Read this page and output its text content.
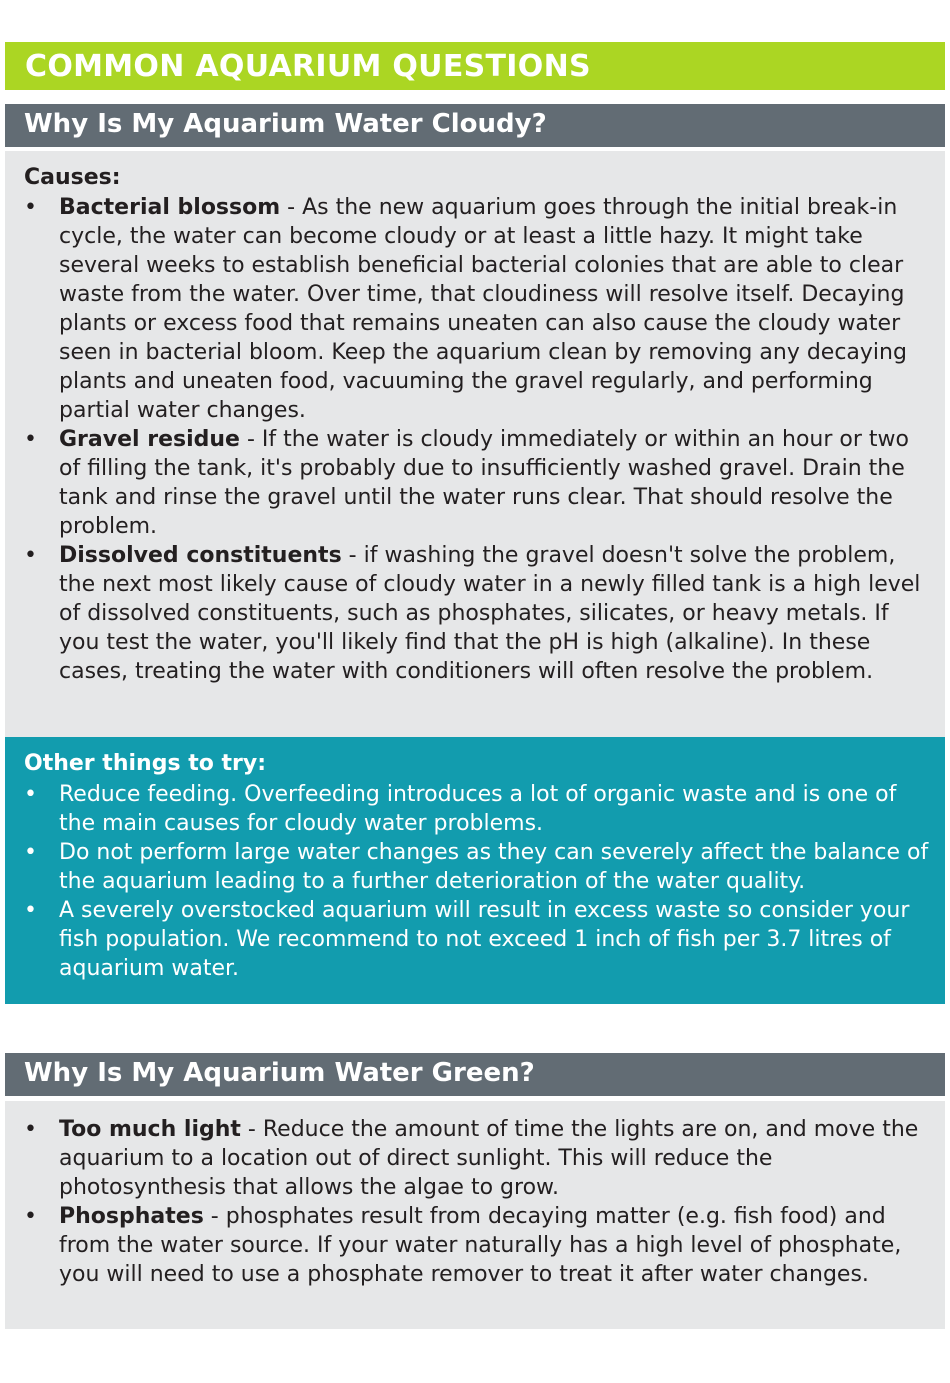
COMMON AQUARIUM QUESTIONS
Why Is My Aquarium Water Cloudy?
Causes:
• Bacterial blossom - As the new aquarium goes through the initial break-in cycle, the water can become cloudy or at least a little hazy. It might take several weeks to establish beneficial bacterial colonies that are able to clear waste from the water. Over time, that cloudiness will resolve itself. Decaying plants or excess food that remains uneaten can also cause the cloudy water seen in bacterial bloom. Keep the aquarium clean by removing any decaying plants and uneaten food, vacuuming the gravel regularly, and performing partial water changes.
• Gravel residue - If the water is cloudy immediately or within an hour or two of filling the tank, it's probably due to insufficiently washed gravel. Drain the tank and rinse the gravel until the water runs clear. That should resolve the problem.
• Dissolved constituents - if washing the gravel doesn't solve the problem, the next most likely cause of cloudy water in a newly filled tank is a high level of dissolved constituents, such as phosphates, silicates, or heavy metals. If you test the water, you'll likely find that the pH is high (alkaline). In these cases, treating the water with conditioners will often resolve the problem.
Other things to try:
• Reduce feeding. Overfeeding introduces a lot of organic waste and is one of the main causes for cloudy water problems.
• Do not perform large water changes as they can severely affect the balance of the aquarium leading to a further deterioration of the water quality.
• A severely overstocked aquarium will result in excess waste so consider your fish population. We recommend to not exceed 1 inch of fish per 3.7 litres of aquarium water.
Why Is My Aquarium Water Green?
• Too much light - Reduce the amount of time the lights are on, and move the aquarium to a location out of direct sunlight. This will reduce the photosynthesis that allows the algae to grow.
• Phosphates - phosphates result from decaying matter (e.g. fish food) and from the water source. If your water naturally has a high level of phosphate, you will need to use a phosphate remover to treat it after water changes.
